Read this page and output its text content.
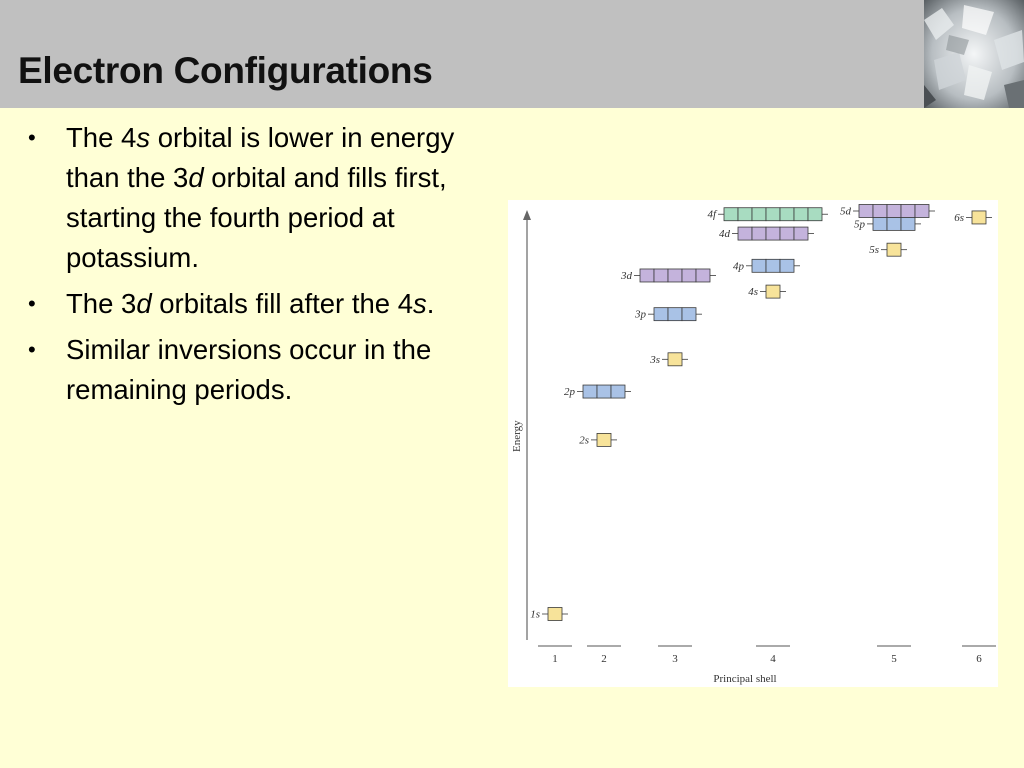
Electron Configurations
• The 4s orbital is lower in energy than the 3d orbital and fills first, starting the fourth period at potassium.
• The 3d orbitals fill after the 4s.
• Similar inversions occur in the remaining periods.
Energy
Principal shell
1	2	3	4	5	6
1s
2s
2p
3s
3p
4s
3d
4p
5s
4d
5p
4f	5d
6s
